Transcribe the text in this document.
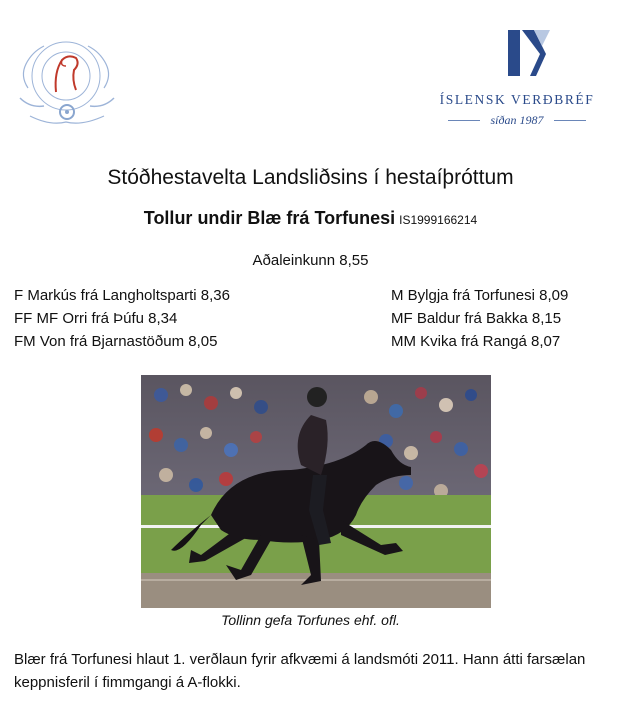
ÍSLENSK VERÐBRÉF
síðan 1987
Stóðhestavelta Landsliðsins í hestaíþróttum
Tollur undir Blæ frá Torfunesi IS1999166214
Aðaleinkunn 8,55
F Markús frá Langholtsparti 8,36
FF MF Orri frá Þúfu 8,34
FM Von frá Bjarnastöðum 8,05
M Bylgja frá Torfunesi 8,09
MF Baldur frá Bakka 8,15
MM Kvika frá Rangá 8,07
Tollinn gefa Torfunes ehf. ofl.
Blær frá Torfunesi hlaut 1. verðlaun fyrir afkvæmi á landsmóti 2011. Hann átti farsælan keppnisferil í fimmgangi á A-flokki.
